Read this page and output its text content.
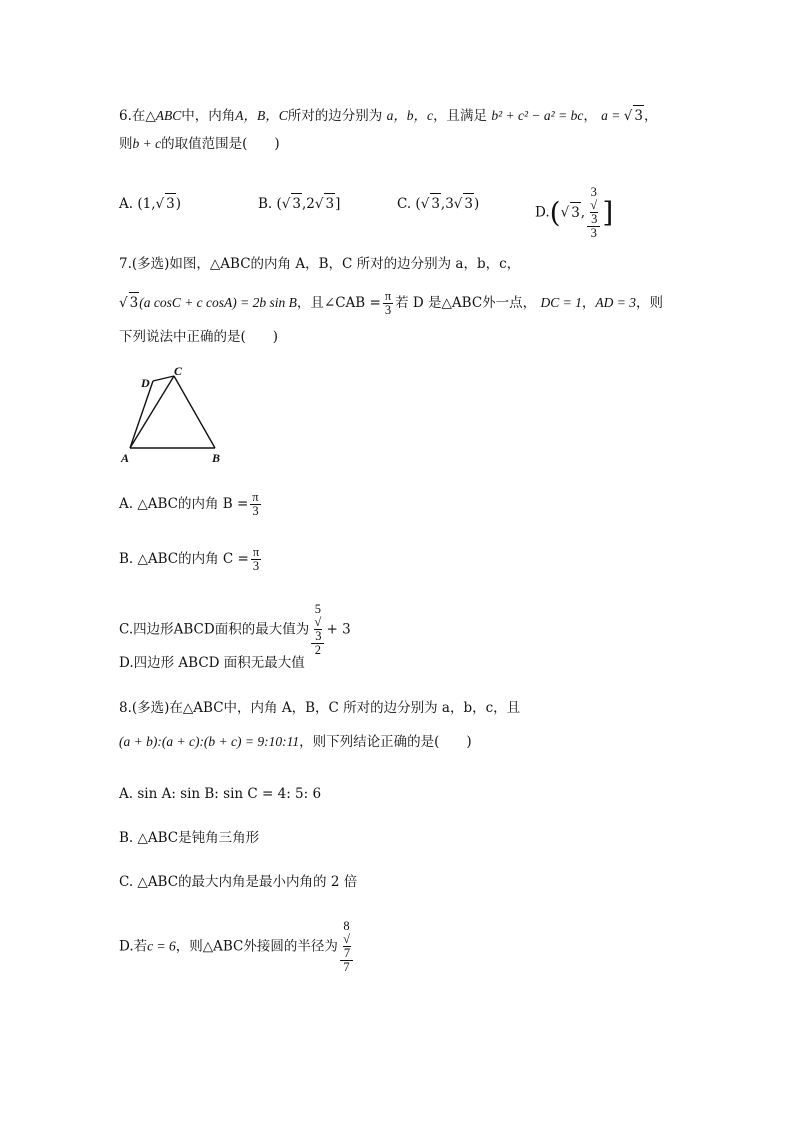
6.在△ABC中，内角A，B，C所对的边分别为 a，b，c，且满足 b² + c² − a² = bc， a = √ 3，
则b + c的取值范围是(　　)
A. (1,√ 3)	B. (√ 3,2√ 3]	C. (√ 3,3√ 3)
D.(√ 3, 3
√
3
3 ]
7.(多选)如图，△ABC的内角 A，B，C 所对的边分别为 a，b，c，
√ 3(a cosC + c cosA) = 2b sin B，且∠CAB = $\frac{\pi}{3}$ 若 D 是△ABC外一点， DC = 1，AD = 3，则
下列说法中正确的是(　　)
D
C
A	B
A. △ABC的内角 $B = \frac{\pi}{3}$
B. △ABC的内角 $C = \frac{\pi}{3}$
C.四边形ABCD面积的最大值为 5
√
3
2 + 3
D.四边形 ABCD 面积无最大值
8.(多选)在△ABC中，内角 A，B，C 所对的边分别为 a，b，c，且
(a + b):(a + c):(b + c) = 9:10:11，则下列结论正确的是(　　)
A. sin A: sin B: sin C = 4: 5: 6
B. △ABC是钝角三角形
C. △ABC的最大内角是最小内角的 2 倍
D.若c = 6，则△ABC外接圆的半径为 8
√
7
7
